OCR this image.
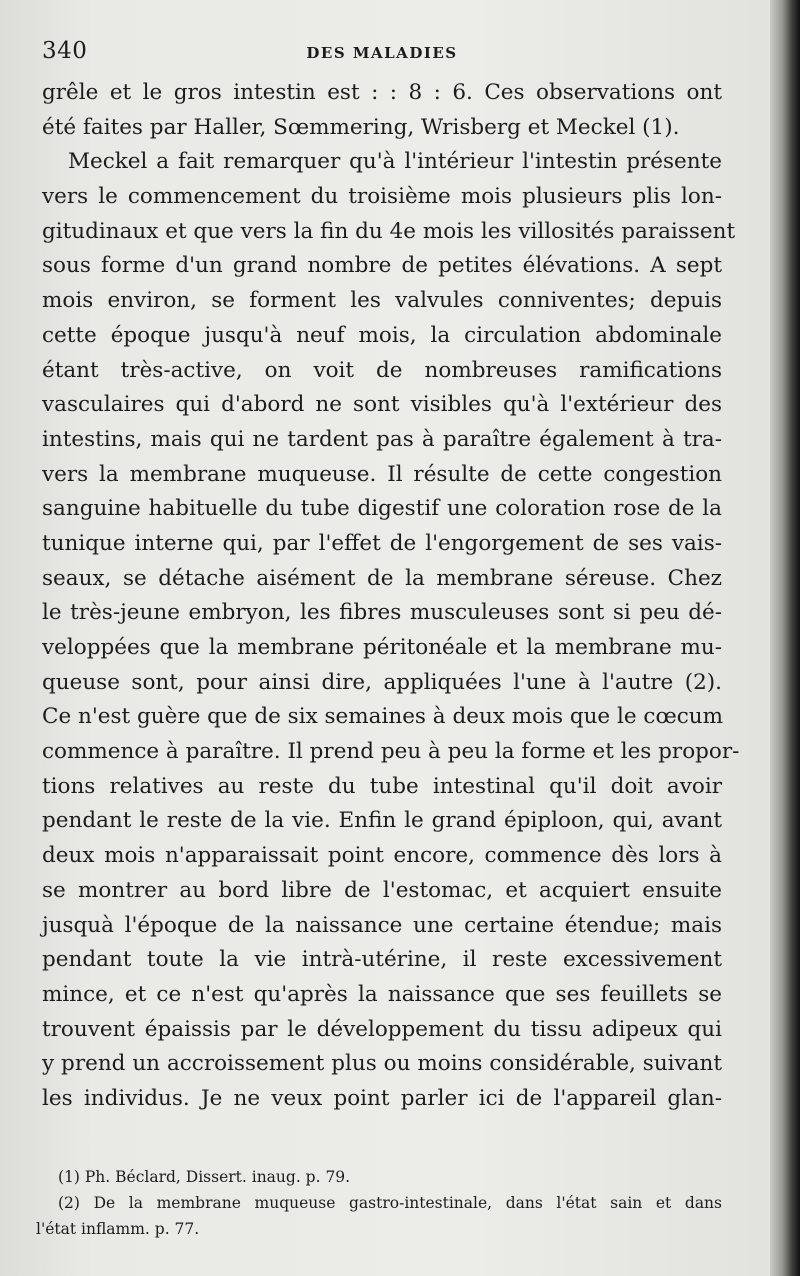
340	DES MALADIES
grêle et le gros intestin est : : 8 : 6. Ces observations ont
été faites par Haller, Sœmmering, Wrisberg et Meckel (1).
Meckel a fait remarquer qu'à l'intérieur l'intestin présente
vers le commencement du troisième mois plusieurs plis lon-
gitudinaux et que vers la fin du 4e mois les villosités paraissent
sous forme d'un grand nombre de petites élévations. A sept
mois environ, se forment les valvules conniventes; depuis
cette époque jusqu'à neuf mois, la circulation abdominale
étant très-active, on voit de nombreuses ramifications
vasculaires qui d'abord ne sont visibles qu'à l'extérieur des
intestins, mais qui ne tardent pas à paraître également à tra-
vers la membrane muqueuse. Il résulte de cette congestion
sanguine habituelle du tube digestif une coloration rose de la
tunique interne qui, par l'effet de l'engorgement de ses vais-
seaux, se détache aisément de la membrane séreuse. Chez
le très-jeune embryon, les fibres musculeuses sont si peu dé-
veloppées que la membrane péritonéale et la membrane mu-
queuse sont, pour ainsi dire, appliquées l'une à l'autre (2).
Ce n'est guère que de six semaines à deux mois que le cœcum
commence à paraître. Il prend peu à peu la forme et les propor-
tions relatives au reste du tube intestinal qu'il doit avoir
pendant le reste de la vie. Enfin le grand épiploon, qui, avant
deux mois n'apparaissait point encore, commence dès lors à
se montrer au bord libre de l'estomac, et acquiert ensuite
jusquà l'époque de la naissance une certaine étendue; mais
pendant toute la vie intrà-utérine, il reste excessivement
mince, et ce n'est qu'après la naissance que ses feuillets se
trouvent épaissis par le développement du tissu adipeux qui
y prend un accroissement plus ou moins considérable, suivant
les individus. Je ne veux point parler ici de l'appareil glan-
(1) Ph. Béclard, Dissert. inaug. p. 79.
(2) De la membrane muqueuse gastro-intestinale, dans l'état sain et dans
l'état inflamm. p. 77.
